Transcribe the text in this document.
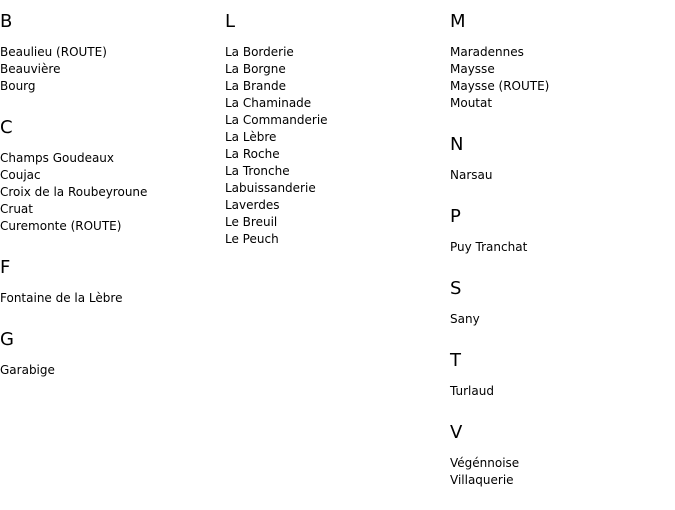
B
Beaulieu (ROUTE)
Beauvière
Bourg
C
Champs Goudeaux
Coujac
Croix de la Roubeyroune
Cruat
Curemonte (ROUTE)
F
Fontaine de la Lèbre
G
Garabige
L
La Borderie
La Borgne
La Brande
La Chaminade
La Commanderie
La Lèbre
La Roche
La Tronche
Labuissanderie
Laverdes
Le Breuil
Le Peuch
M
Maradennes
Maysse
Maysse (ROUTE)
Moutat
N
Narsau
P
Puy Tranchat
S
Sany
T
Turlaud
V
Végénnoise
Villaquerie
